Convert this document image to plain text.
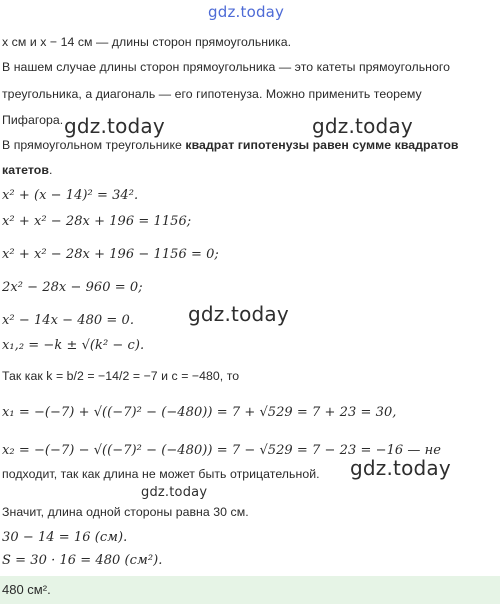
gdz.today
gdz.today	gdz.today
gdz.today
gdz.today
gdz.today
x см и x − 14 см — длины сторон прямоугольника.
В нашем случае длины сторон прямоугольника — это катеты прямоугольного
треугольника, а диагональ — его гипотенуза. Можно применить теорему
Пифагора.
В прямоугольном треугольнике квадрат гипотенузы равен сумме квадратов
катетов.
x² + (x − 14)² = 34².
x² + x² − 28x + 196 = 1156;
x² + x² − 28x + 196 − 1156 = 0;
2x² − 28x − 960 = 0;
x² − 14x − 480 = 0.
x₁,₂ = −k ± √(k² − c).
Так как k = b/2 = −14/2 = −7 и c = −480, то
x₁ = −(−7) + √((−7)² − (−480)) = 7 + √529 = 7 + 23 = 30,
x₂ = −(−7) − √((−7)² − (−480)) = 7 − √529 = 7 − 23 = −16 — не
подходит, так как длина не может быть отрицательной.
Значит, длина одной стороны равна 30 см.
30 − 14 = 16 (см).
S = 30 · 16 = 480 (см²).
480 см².
